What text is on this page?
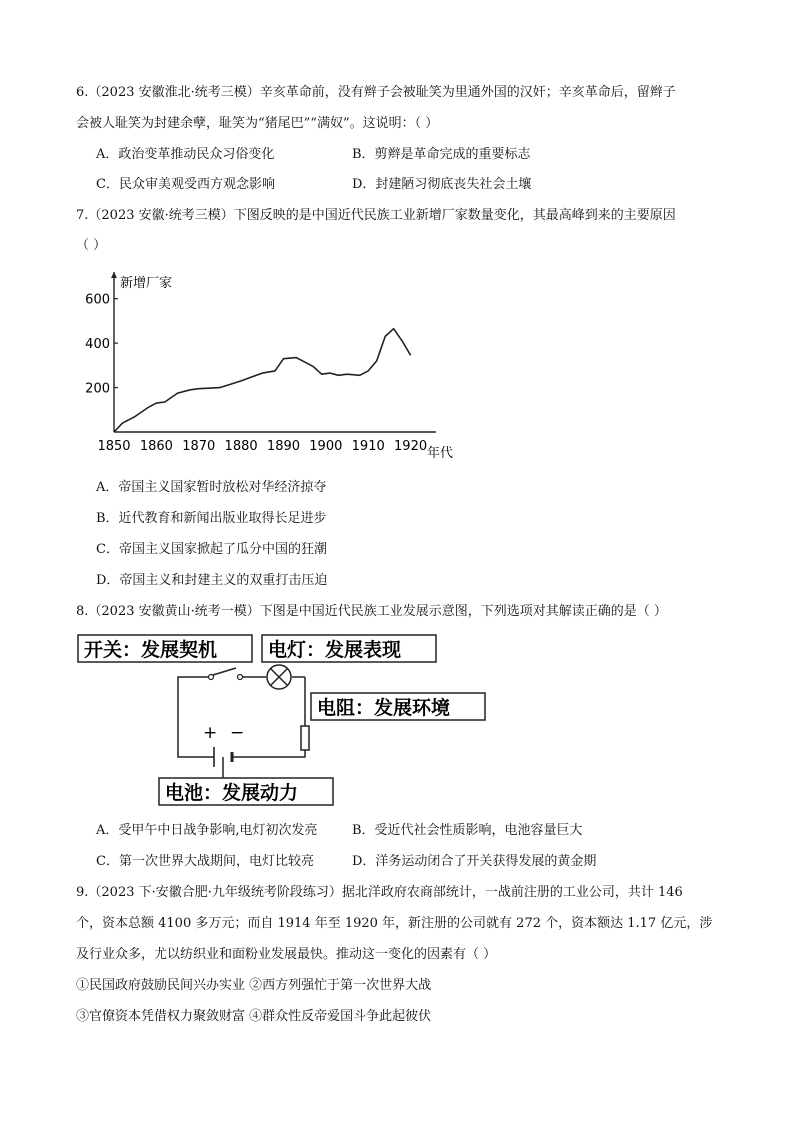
6.（2023 安徽淮北·统考三模）辛亥革命前，没有辫子会被耻笑为里通外国的汉奸；辛亥革命后，留辫子
会被人耻笑为封建余孽，耻笑为“猪尾巴”“满奴”。这说明：（ ）
A．政治变革推动民众习俗变化	B．剪辫是革命完成的重要标志
C．民众审美观受西方观念影响	D．封建陋习彻底丧失社会土壤
7.（2023 安徽·统考三模）下图反映的是中国近代民族工业新增厂家数量变化，其最高峰到来的主要原因
（ ）
200
400
600
1850 1860 1870 1880 1890 1900 1910 1920
新增厂家
年代
A．帝国主义国家暂时放松对华经济掠夺
B．近代教育和新闻出版业取得长足进步
C．帝国主义国家掀起了瓜分中国的狂潮
D．帝国主义和封建主义的双重打击压迫
8.（2023 安徽黄山·统考一模）下图是中国近代民族工业发展示意图，下列选项对其解读正确的是（ ）
开关：发展契机	电灯：发展表现
电阻：发展环境
电池：发展动力
+ −
A．受甲午中日战争影响,电灯初次发亮	B．受近代社会性质影响，电池容量巨大
C．第一次世界大战期间，电灯比较亮	D．洋务运动闭合了开关获得发展的黄金期
9.（2023 下·安徽合肥·九年级统考阶段练习）据北洋政府农商部统计，一战前注册的工业公司，共计 146
个，资本总额 4100 多万元；而自 1914 年至 1920 年，新注册的公司就有 272 个，资本额达 1.17 亿元，涉
及行业众多，尤以纺织业和面粉业发展最快。推动这一变化的因素有（ ）
①民国政府鼓励民间兴办实业 ②西方列强忙于第一次世界大战
③官僚资本凭借权力聚敛财富 ④群众性反帝爱国斗争此起彼伏
